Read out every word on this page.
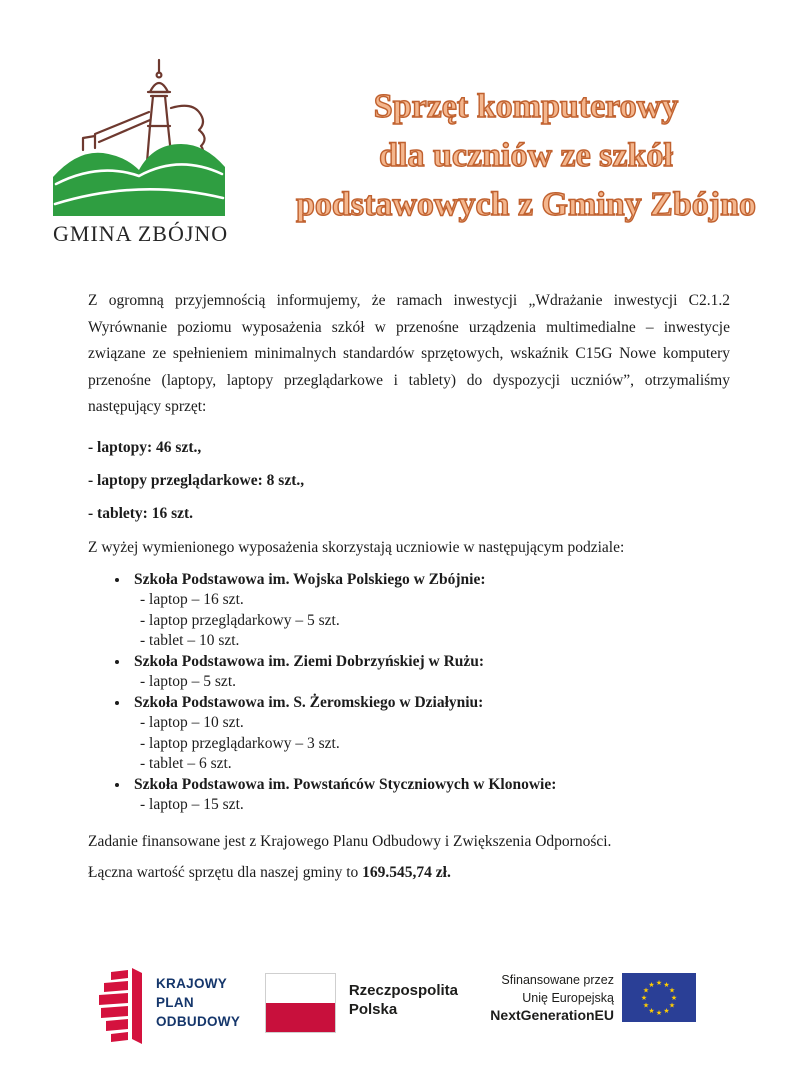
GMINA ZBÓJNO
Sprzęt komputerowy
dla uczniów ze szkół
podstawowych z Gminy Zbójno

Z ogromną przyjemnością informujemy, że ramach inwestycji „Wdrażanie inwestycji C2.1.2 Wyrównanie poziomu wyposażenia szkół w przenośne urządzenia multimedialne – inwestycje związane ze spełnieniem minimalnych standardów sprzętowych, wskaźnik C15G Nowe komputery przenośne (laptopy, laptopy przeglądarkowe i tablety) do dyspozycji uczniów”, otrzymaliśmy następujący sprzęt:

- laptopy: 46 szt.,
- laptopy przeglądarkowe: 8 szt.,
- tablety: 16 szt.

Z wyżej wymienionego wyposażenia skorzystają uczniowie w następującym podziale:

• Szkoła Podstawowa im. Wojska Polskiego w Zbójnie:
- laptop – 16 szt.
- laptop przeglądarkowy – 5 szt.
- tablet – 10 szt.
• Szkoła Podstawowa im. Ziemi Dobrzyńskiej w Rużu:
- laptop – 5 szt.
• Szkoła Podstawowa im. S. Żeromskiego w Działyniu:
- laptop – 10 szt.
- laptop przeglądarkowy – 3 szt.
- tablet – 6 szt.
• Szkoła Podstawowa im. Powstańców Styczniowych w Klonowie:
- laptop – 15 szt.

Zadanie finansowane jest z Krajowego Planu Odbudowy i Zwiększenia Odporności.

Łączna wartość sprzętu dla naszej gminy to 169.545,74 zł.

KRAJOWY
PLAN
ODBUDOWY
Rzeczpospolita
Polska
Sfinansowane przez
Unię Europejską
NextGenerationEU
★ ★
★
★
★
★
★
★
★
★
★
★
